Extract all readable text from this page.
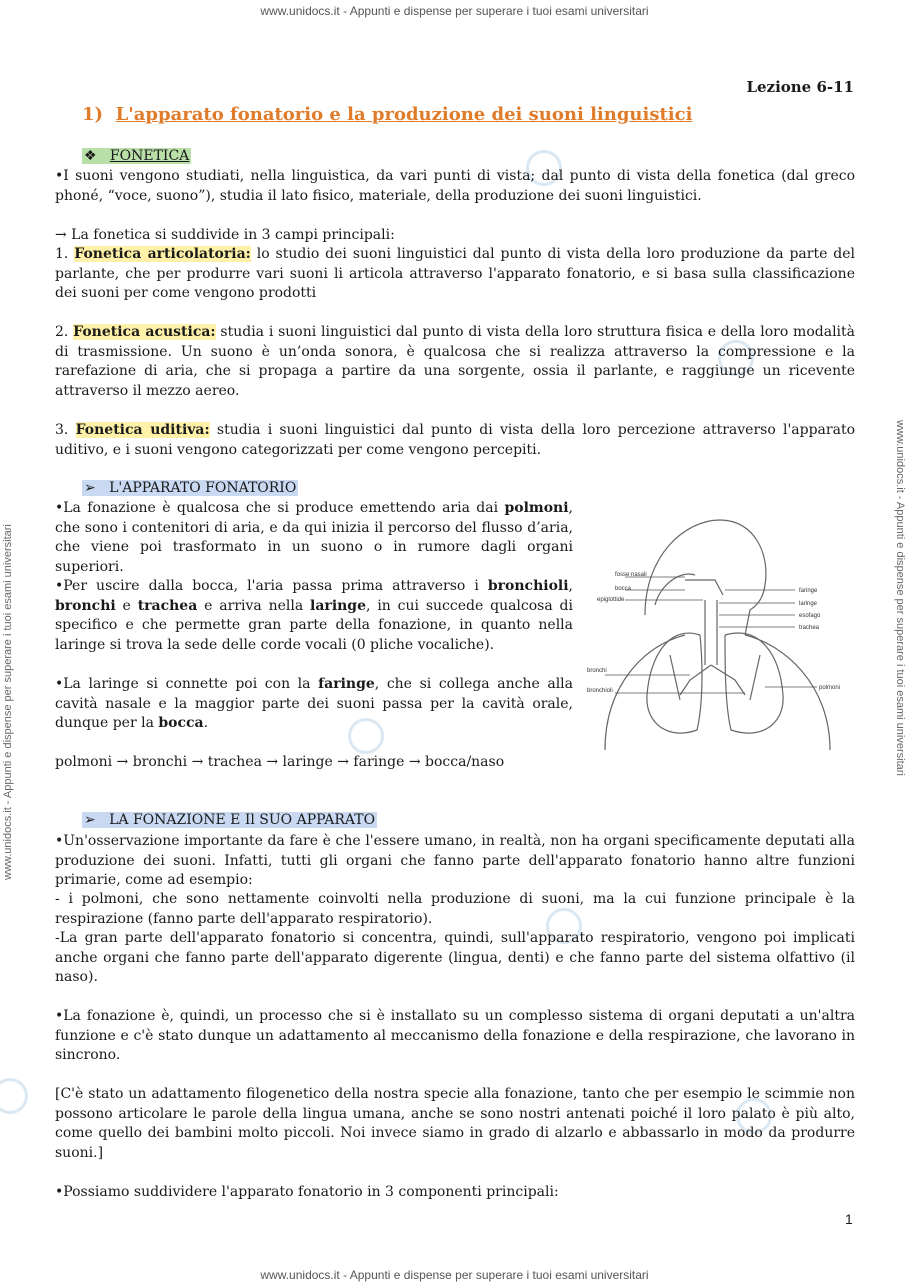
www.unidocs.it - Appunti e dispense per superare i tuoi esami universitari
www.unidocs.it - Appunti e dispense per superare i tuoi esami universitari
www.unidocs.it - Appunti e dispense per superare i tuoi esami universitari	www.unidocs.it - Appunti e dispense per superare i tuoi esami universitari
Lezione 6-11
1) L'apparato fonatorio e la produzione dei suoni linguistici
❖ FONETICA
•I suoni vengono studiati, nella linguistica, da vari punti di vista; dal punto di vista della fonetica (dal greco phoné, “voce, suono”), studia il lato fisico, materiale, della produzione dei suoni linguistici.
→ La fonetica si suddivide in 3 campi principali:
1. Fonetica articolatoria: lo studio dei suoni linguistici dal punto di vista della loro produzione da parte del parlante, che per produrre vari suoni li articola attraverso l'apparato fonatorio, e si basa sulla classificazione dei suoni per come vengono prodotti
2. Fonetica acustica: studia i suoni linguistici dal punto di vista della loro struttura fisica e della loro modalità di trasmissione. Un suono è un’onda sonora, è qualcosa che si realizza attraverso la compressione e la rarefazione di aria, che si propaga a partire da una sorgente, ossia il parlante, e raggiunge un ricevente attraverso il mezzo aereo.
3. Fonetica uditiva: studia i suoni linguistici dal punto di vista della loro percezione attraverso l'apparato uditivo, e i suoni vengono categorizzati per come vengono percepiti.
➢ L'APPARATO FONATORIO
•La fonazione è qualcosa che si produce emettendo aria dai polmoni, che sono i contenitori di aria, e da qui inizia il percorso del flusso d’aria, che viene poi trasformato in un suono o in rumore dagli organi superiori.
•Per uscire dalla bocca, l'aria passa prima attraverso i bronchioli, bronchi e trachea e arriva nella laringe, in cui succede qualcosa di specifico e che permette gran parte della fonazione, in quanto nella laringe si trova la sede delle corde vocali (0 pliche vocaliche).
•La laringe si connette poi con la faringe, che si collega anche alla cavità nasale e la maggior parte dei suoni passa per la cavità orale, dunque per la bocca.
polmoni → bronchi → trachea → laringe → faringe → bocca/naso
fosse nasali
bocca
epiglottide
faringe
laringe
esofago
trachea
bronchi
bronchioli	polmoni
➢ LA FONAZIONE E Il SUO APPARATO
•Un'osservazione importante da fare è che l'essere umano, in realtà, non ha organi specificamente deputati alla produzione dei suoni. Infatti, tutti gli organi che fanno parte dell'apparato fonatorio hanno altre funzioni primarie, come ad esempio:
- i polmoni, che sono nettamente coinvolti nella produzione di suoni, ma la cui funzione principale è la respirazione (fanno parte dell'apparato respiratorio).
-La gran parte dell'apparato fonatorio si concentra, quindi, sull'apparato respiratorio, vengono poi implicati anche organi che fanno parte dell'apparato digerente (lingua, denti) e che fanno parte del sistema olfattivo (il naso).
•La fonazione è, quindi, un processo che si è installato su un complesso sistema di organi deputati a un'altra funzione e c'è stato dunque un adattamento al meccanismo della fonazione e della respirazione, che lavorano in sincrono.
[C'è stato un adattamento filogenetico della nostra specie alla fonazione, tanto che per esempio le scimmie non possono articolare le parole della lingua umana, anche se sono nostri antenati poiché il loro palato è più alto, come quello dei bambini molto piccoli. Noi invece siamo in grado di alzarlo e abbassarlo in modo da produrre suoni.]
•Possiamo suddividere l'apparato fonatorio in 3 componenti principali:
1
